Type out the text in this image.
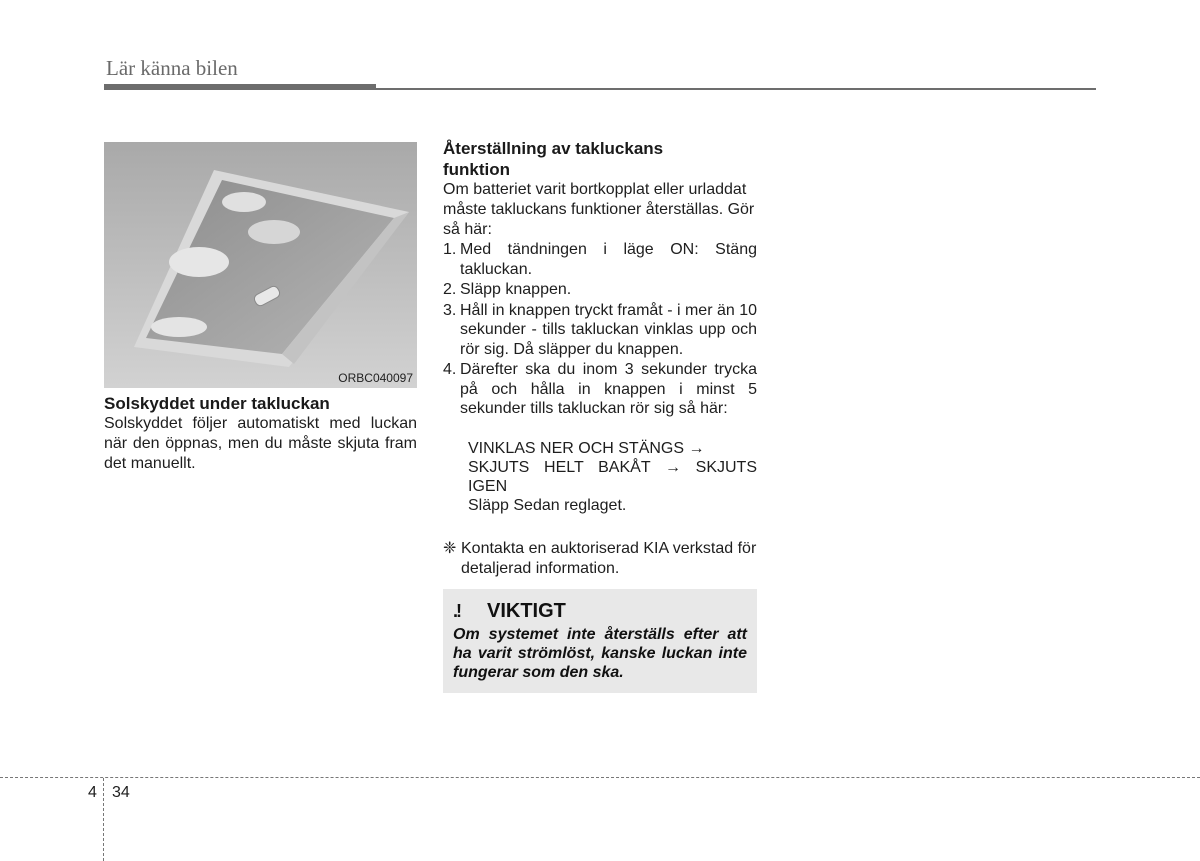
Lär känna bilen
ORBC040097
Solskyddet under takluckan

Solskyddet följer automatiskt med luckan när den öppnas, men du måste skjuta fram det manuellt.

Återställning av takluckans
funktion

Om batteriet varit bortkopplat eller urladdat måste takluckans funktioner återställas. Gör så här:

1. Med tändningen i läge ON: Stäng takluckan.
2. Släpp knappen.
3. Håll in knappen tryckt framåt - i mer än 10 sekunder - tills takluckan vinklas upp och rör sig. Då släpper du knappen.
4. Därefter ska du inom 3 sekunder trycka på och hålla in knappen i minst 5 sekunder tills takluckan rör sig så här:
VINKLAS NER OCH STÄNGS →
SKJUTS HELT BAKÅT → SKJUTS IGEN
Släpp Sedan reglaget.
❈ Kontakta en auktoriserad KIA verkstad för detaljerad information.
.!	VIKTIGT
Om systemet inte återställs efter att ha varit strömlöst, kanske luckan inte fungerar som den ska.
4 34
